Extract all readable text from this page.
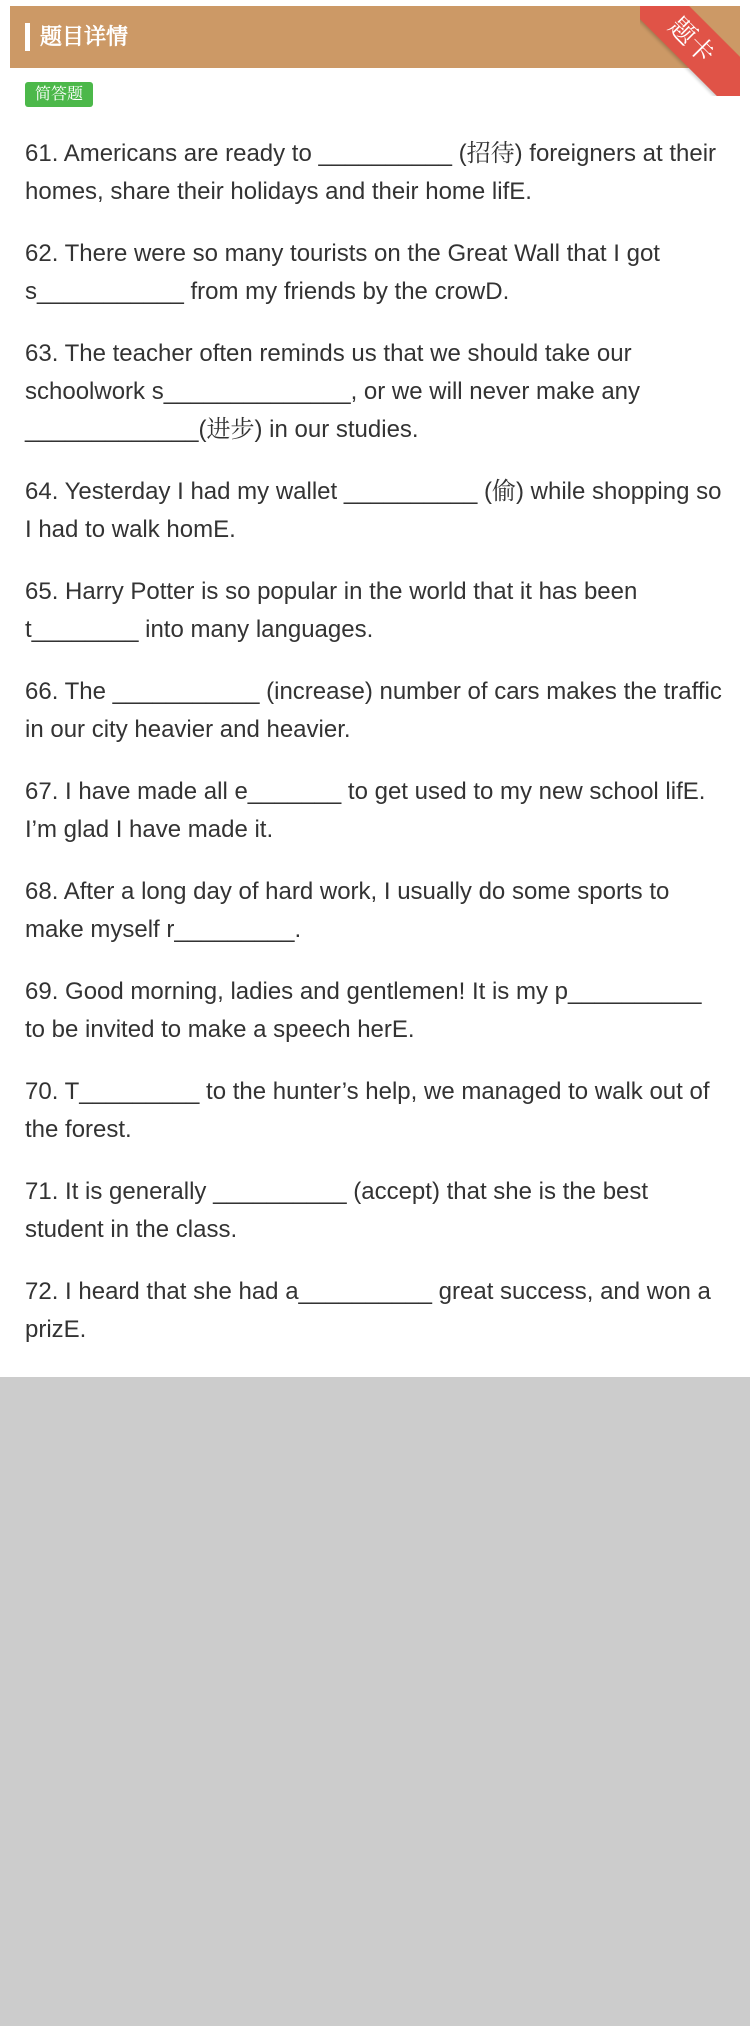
题目详情	题卡
简答题

61. Americans are ready to __________ (招待) foreigners at their homes, share their holidays and their home lifE.

62. There were so many tourists on the Great Wall that I got s___________ from my friends by the crowD.

63. The teacher often reminds us that we should take our schoolwork s______________, or we will never make any _____________(进步) in our studies.

64. Yesterday I had my wallet __________ (偷) while shopping so I had to walk homE.

65. Harry Potter is so popular in the world that it has been t________ into many languages.

66. The ___________ (increase) number of cars makes the traffic in our city heavier and heavier.

67. I have made all e_______ to get used to my new school lifE. I’m glad I have made it.

68. After a long day of hard work, I usually do some sports to make myself r_________.

69. Good morning, ladies and gentlemen! It is my p__________ to be invited to make a speech herE.

70. T_________ to the hunter’s help, we managed to walk out of the forest.

71. It is generally __________ (accept) that she is the best student in the class.

72. I heard that she had a__________ great success, and won a prizE.
